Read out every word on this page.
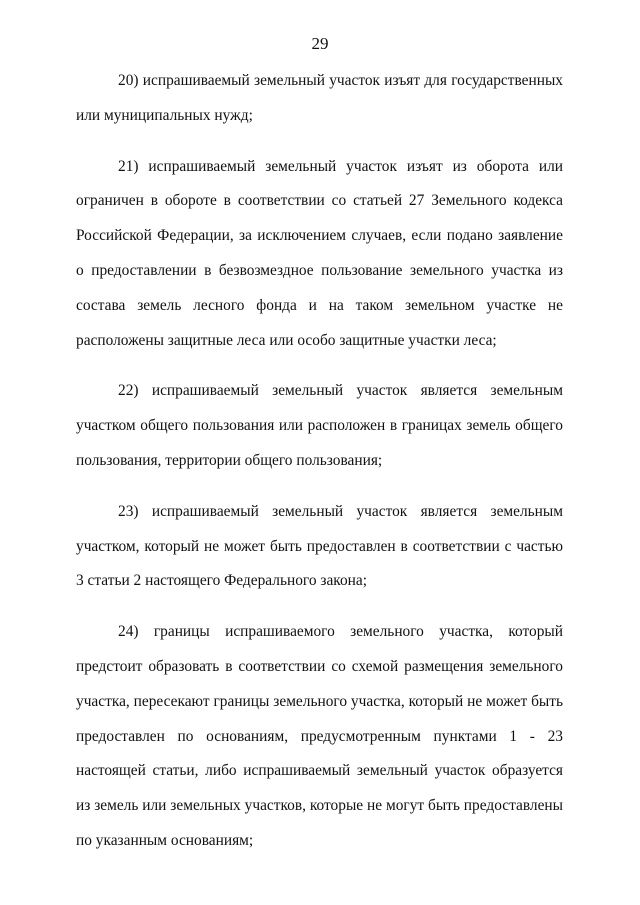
29

20) испрашиваемый земельный участок изъят для государственных или муниципальных нужд;

21) испрашиваемый земельный участок изъят из оборота или ограничен в обороте в соответствии со статьей 27 Земельного кодекса Российской Федерации, за исключением случаев, если подано заявление о предоставлении в безвозмездное пользование земельного участка из состава земель лесного фонда и на таком земельном участке не расположены защитные леса или особо защитные участки леса;

22) испрашиваемый земельный участок является земельным участком общего пользования или расположен в границах земель общего пользования, территории общего пользования;

23) испрашиваемый земельный участок является земельным участком, который не может быть предоставлен в соответствии с частью 3 статьи 2 настоящего Федерального закона;

24) границы испрашиваемого земельного участка, который предстоит образовать в соответствии со схемой размещения земельного участка, пересекают границы земельного участка, который не может быть предоставлен по основаниям, предусмотренным пунктами 1 - 23 настоящей статьи, либо испрашиваемый земельный участок образуется из земель или земельных участков, которые не могут быть предоставлены по указанным основаниям;
